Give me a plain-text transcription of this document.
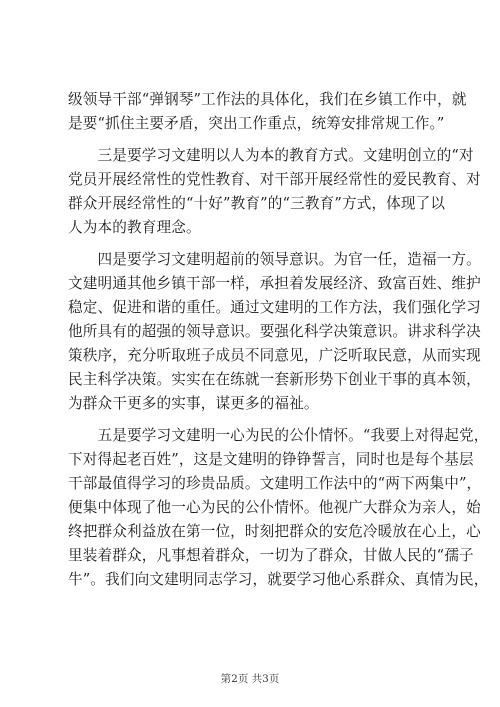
级领导干部“弹钢琴”工作法的具体化，我们在乡镇工作中，就
是要“抓住主要矛盾，突出工作重点，统筹安排常规工作。”
　　三是要学习文建明以人为本的教育方式。文建明创立的“对
党员开展经常性的党性教育、对干部开展经常性的爱民教育、对
群众开展经常性的“十好”教育”的“三教育”方式，体现了以
人为本的教育理念。
　　四是要学习文建明超前的领导意识。为官一任，造福一方。
文建明通其他乡镇干部一样，承担着发展经济、致富百姓、维护
稳定、促进和谐的重任。通过文建明的工作方法，我们强化学习
他所具有的超强的领导意识。要强化科学决策意识。讲求科学决
策秩序，充分听取班子成员不同意见，广泛听取民意，从而实现
民主科学决策。实实在在练就一套新形势下创业干事的真本领，
为群众干更多的实事，谋更多的福祉。
　　五是要学习文建明一心为民的公仆情怀。“我要上对得起党，
下对得起老百姓”，这是文建明的铮铮誓言，同时也是每个基层
干部最值得学习的珍贵品质。文建明工作法中的“两下两集中”，
便集中体现了他一心为民的公仆情怀。他视广大群众为亲人，始
终把群众利益放在第一位，时刻把群众的安危冷暖放在心上，心
里装着群众，凡事想着群众，一切为了群众，甘做人民的“孺子
牛”。我们向文建明同志学习，就要学习他心系群众、真情为民，
第2页 共3页
